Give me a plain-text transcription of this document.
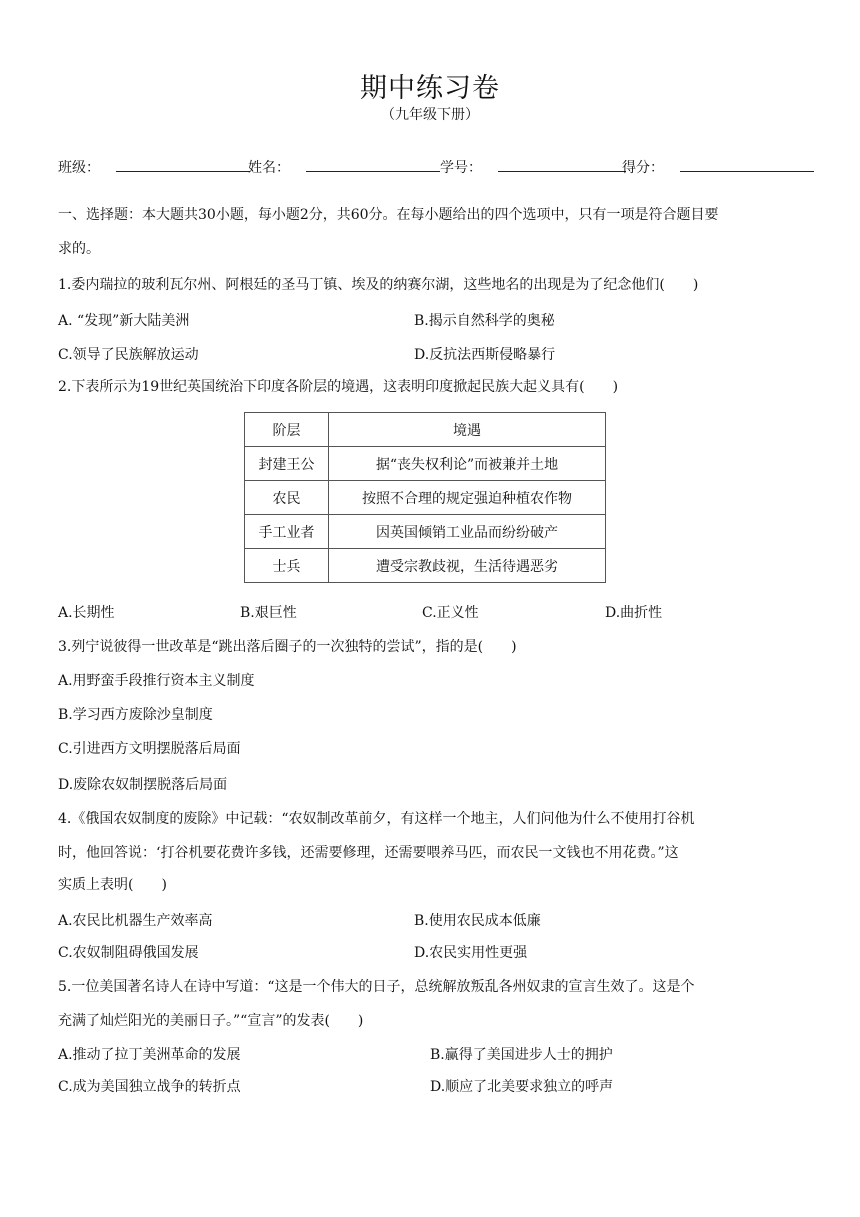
期中练习卷
（九年级下册）
班级：	姓名：	学号：	得分：
一、选择题：本大题共30小题，每小题2分，共60分。在每小题给出的四个选项中，只有一项是符合题目要
求的。
1.委内瑞拉的玻利瓦尔州、阿根廷的圣马丁镇、埃及的纳赛尔湖，这些地名的出现是为了纪念他们(　　)
A. “发现”新大陆美洲	B.揭示自然科学的奥秘
C.领导了民族解放运动	D.反抗法西斯侵略暴行
2.下表所示为19世纪英国统治下印度各阶层的境遇，这表明印度掀起民族大起义具有(　　)
阶层	境遇
封建王公	据“丧失权利论”而被兼并土地
农民	按照不合理的规定强迫种植农作物
手工业者	因英国倾销工业品而纷纷破产
士兵	遭受宗教歧视，生活待遇恶劣
A.长期性	B.艰巨性	C.正义性	D.曲折性
3.列宁说彼得一世改革是“跳出落后圈子的一次独特的尝试”，指的是(　　)
A.用野蛮手段推行资本主义制度
B.学习西方废除沙皇制度
C.引进西方文明摆脱落后局面
D.废除农奴制摆脱落后局面
4.《俄国农奴制度的废除》中记载：“农奴制改革前夕，有这样一个地主，人们问他为什么不使用打谷机
时，他回答说：‘打谷机要花费许多钱，还需要修理，还需要喂养马匹，而农民一文钱也不用花费。”这
实质上表明(　　)
A.农民比机器生产效率高	B.使用农民成本低廉
C.农奴制阻碍俄国发展	D.农民实用性更强
5.一位美国著名诗人在诗中写道：“这是一个伟大的日子，总统解放叛乱各州奴隶的宣言生效了。这是个
充满了灿烂阳光的美丽日子。”“宣言”的发表(　　)
A.推动了拉丁美洲革命的发展	B.赢得了美国进步人士的拥护
C.成为美国独立战争的转折点	D.顺应了北美要求独立的呼声
